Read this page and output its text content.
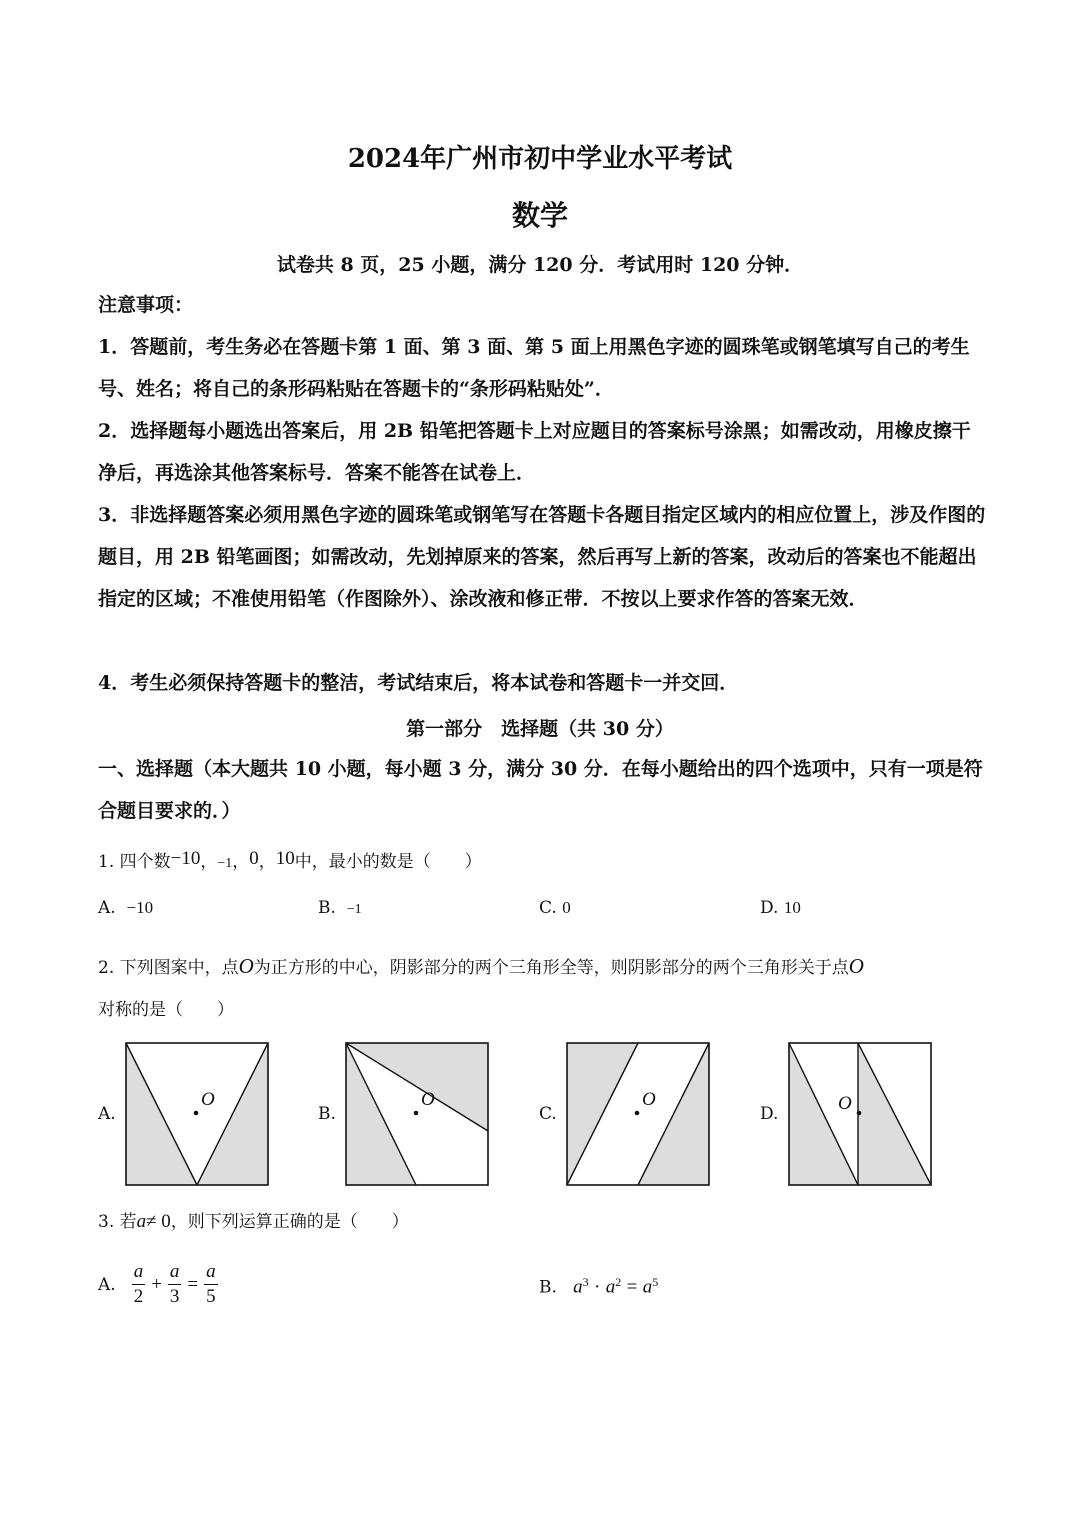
2024年广州市初中学业水平考试
数学
试卷共 8 页，25 小题，满分 120 分．考试用时 120 分钟．
注意事项：
1．答题前，考生务必在答题卡第 1 面、第 3 面、第 5 面上用黑色字迹的圆珠笔或钢笔填写自己的考生号、姓名；将自己的条形码粘贴在答题卡的“条形码粘贴处”．
2．选择题每小题选出答案后，用 2B 铅笔把答题卡上对应题目的答案标号涂黑；如需改动，用橡皮擦干净后，再选涂其他答案标号．答案不能答在试卷上．
3．非选择题答案必须用黑色字迹的圆珠笔或钢笔写在答题卡各题目指定区域内的相应位置上，涉及作图的题目，用 2B 铅笔画图；如需改动，先划掉原来的答案，然后再写上新的答案，改动后的答案也不能超出指定的区域；不准使用铅笔（作图除外）、涂改液和修正带．不按以上要求作答的答案无效．
4．考生必须保持答题卡的整洁，考试结束后，将本试卷和答题卡一并交回．
第一部分　选择题（共 30 分）
一、选择题（本大题共 10 小题，每小题 3 分，满分 30 分．在每小题给出的四个选项中，只有一项是符合题目要求的．）
1. 四个数−10，−1，0，10中，最小的数是（　　）
A. −10	B. −1	C. 0	D. 10
2. 下列图案中，点O为正方形的中心，阴影部分的两个三角形全等，则阴影部分的两个三角形关于点O
对称的是（　　）
A.
O
B.
O
C.
O
D.	O
3. 若a≠ 0，则下列运算正确的是（　　）
A. $\frac{a}{2} + \frac{a}{3} = \frac{a}{5}$	B. $a^3 \cdot a^2 = a^5$
